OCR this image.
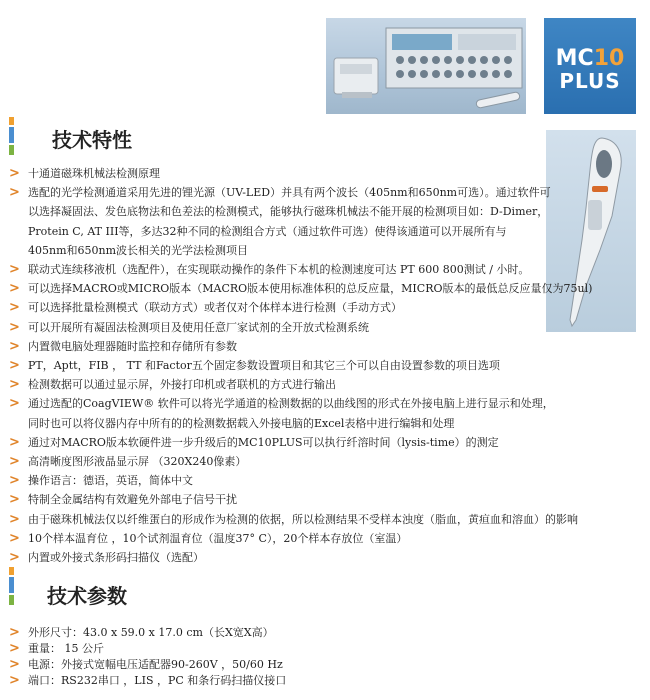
MC10
PLUS
技术特性
> 十通道磁珠机械法检测原理
> 选配的光学检测通道采用先进的锂光源（UV-LED）并具有两个波长（405nm和650nm可选）。通过软件可
以选择凝固法、发色底物法和色差法的检测模式，能够执行磁珠机械法不能开展的检测项目如：D-Dimer，
Protein C, AT III等，多达32种不同的检测组合方式（通过软件可选）使得该通道可以开展所有与
405nm和650nm波长相关的光学法检测项目
> 联动式连续移液机（选配件），在实现联动操作的条件下本机的检测速度可达 PT 600 800测试 / 小时。
> 可以选择MACRO或MICRO版本（MACRO版本使用标准体积的总反应量，MICRO版本的最低总反应量仅为75ul)
> 可以选择批量检测模式（联动方式）或者仅对个体样本进行检测（手动方式）
> 可以开展所有凝固法检测项目及使用任意厂家试剂的全开放式检测系统
> 内置微电脑处理器随时监控和存储所有参数
> PT，Aptt，FIB ， TT 和Factor五个固定参数设置项目和其它三个可以自由设置参数的项目选项
> 检测数据可以通过显示屏，外接打印机或者联机的方式进行输出
> 通过选配的CoagVIEW® 软件可以将光学通道的检测数据的以曲线图的形式在外接电脑上进行显示和处理，
同时也可以将仪器内存中所有的的检测数据载入外接电脑的Excel表格中进行编辑和处理
> 通过对MACRO版本软硬件进一步升级后的MC10PLUS可以执行纤溶时间（lysis-time）的测定
> 高清晰度图形液晶显示屏 （320X240像素）
> 操作语言：德语，英语，简体中文
> 特制全金属结构有效避免外部电子信号干扰
> 由于磁珠机械法仅以纤维蛋白的形成作为检测的依据，所以检测结果不受样本浊度（脂血，黄疸血和溶血）的影响
> 10个样本温育位 ，10个试剂温育位（温度37° C），20个样本存放位（室温）
> 内置或外接式条形码扫描仪（选配）
技术参数
> 外形尺寸：43.0 x 59.0 x 17.0 cm（长X宽X高）
> 重量： 15 公斤
> 电源：外接式宽幅电压适配器90-260V ，50/60 Hz
> 端口：RS232串口 ，LIS ，PC 和条行码扫描仪接口
